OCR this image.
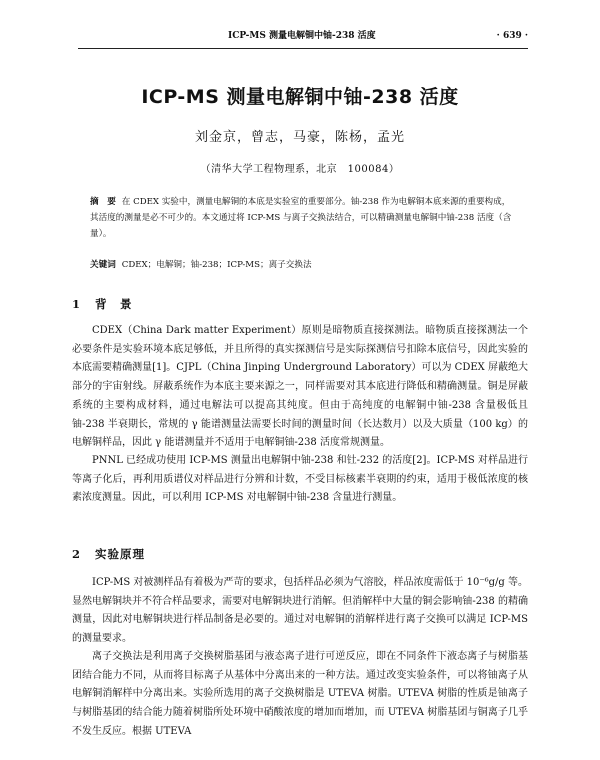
ICP-MS 测量电解铜中铀-238 活度	· 639 ·
ICP-MS 测量电解铜中铀-238 活度
刘金京，曾志，马豪，陈杨，孟光
（清华大学工程物理系，北京　100084）
摘　要 在 CDEX 实验中，测量电解铜的本底是实验室的重要部分。铀-238 作为电解铜本底来源的重要构成，其活度的测量是必不可少的。本文通过将 ICP-MS 与离子交换法结合，可以精确测量电解铜中铀-238 活度（含量）。
关键词 CDEX；电解铜；铀-238；ICP-MS；离子交换法
1 背　景

CDEX（China Dark matter Experiment）原则是暗物质直接探测法。暗物质直接探测法一个必要条件是实验环境本底足够低，并且所得的真实探测信号是实际探测信号扣除本底信号，因此实验的本底需要精确测量[1]。CJPL（China Jinping Underground Laboratory）可以为 CDEX 屏蔽绝大部分的宇宙射线。屏蔽系统作为本底主要来源之一，同样需要对其本底进行降低和精确测量。铜是屏蔽系统的主要构成材料，通过电解法可以提高其纯度。但由于高纯度的电解铜中铀-238 含量极低且铀-238 半衰期长，常规的 γ 能谱测量法需要长时间的测量时间（长达数月）以及大质量（100 kg）的电解铜样品，因此 γ 能谱测量并不适用于电解铜铀-238 活度常规测量。

PNNL 已经成功使用 ICP-MS 测量出电解铜中铀-238 和钍-232 的活度[2]。ICP-MS 对样品进行等离子化后，再利用质谱仪对样品进行分辨和计数，不受目标核素半衰期的约束，适用于极低浓度的核素浓度测量。因此，可以利用 ICP-MS 对电解铜中铀-238 含量进行测量。

2 实验原理

ICP-MS 对被测样品有着极为严苛的要求，包括样品必须为气溶胶，样品浓度需低于 10⁻⁶g/g 等。显然电解铜块并不符合样品要求，需要对电解铜块进行消解。但消解样中大量的铜会影响铀-238 的精确测量，因此对电解铜块进行样品制备是必要的。通过对电解铜的消解样进行离子交换可以满足 ICP-MS 的测量要求。

离子交换法是利用离子交换树脂基团与液态离子进行可逆反应，即在不同条件下液态离子与树脂基团结合能力不同，从而将目标离子从基体中分离出来的一种方法。通过改变实验条件，可以将铀离子从电解铜消解样中分离出来。实验所选用的离子交换树脂是 UTEVA 树脂。UTEVA 树脂的性质是铀离子与树脂基团的结合能力随着树脂所处环境中硝酸浓度的增加而增加，而 UTEVA 树脂基团与铜离子几乎不发生反应。根据 UTEVA
